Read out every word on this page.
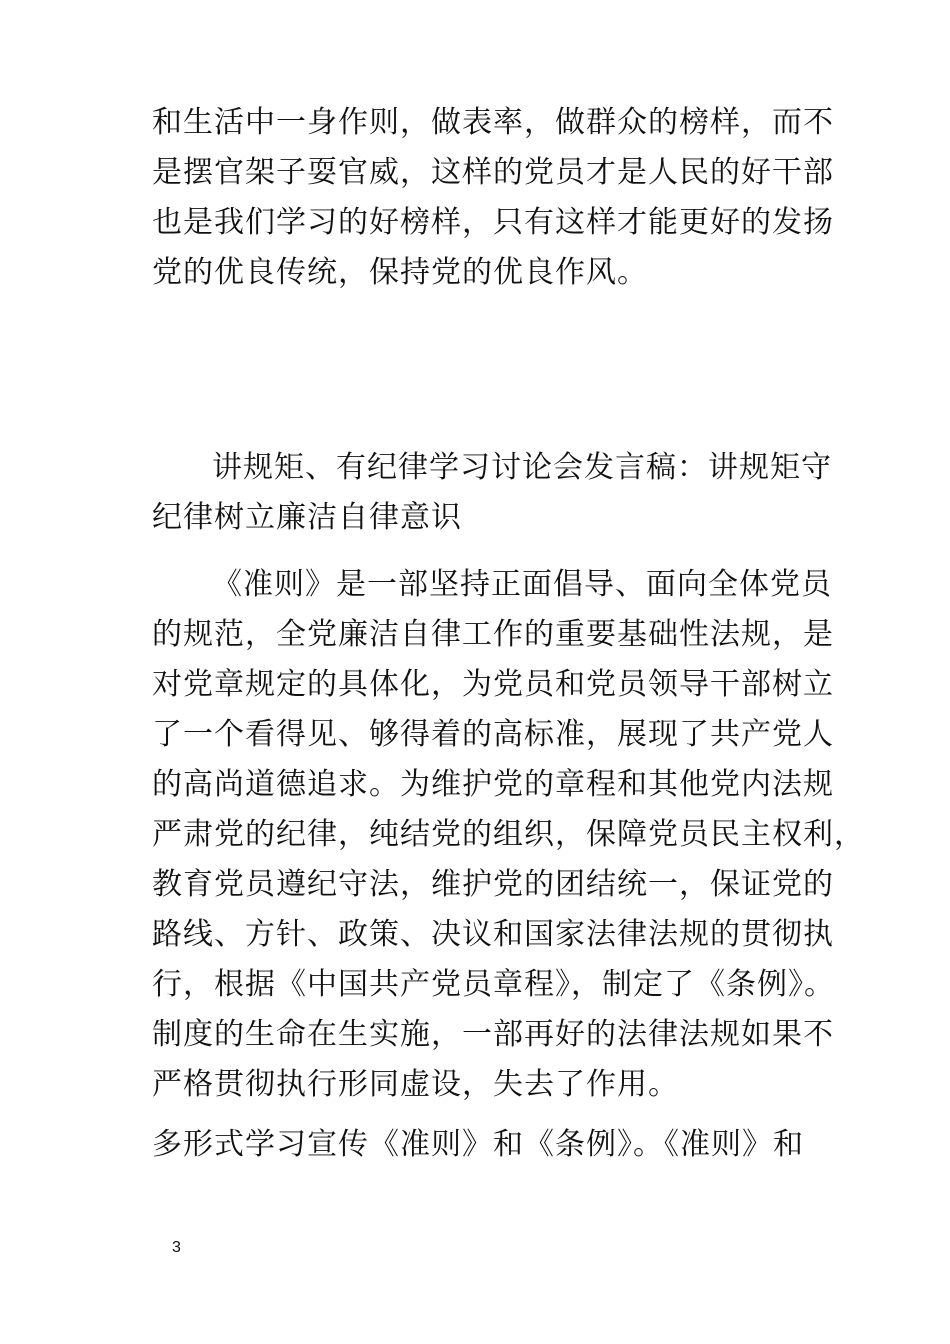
和生活中一身作则，做表率，做群众的榜样，而不
是摆官架子耍官威，这样的党员才是人民的好干部
也是我们学习的好榜样，只有这样才能更好的发扬
党的优良传统，保持党的优良作风。
讲规矩、有纪律学习讨论会发言稿：讲规矩守
纪律树立廉洁自律意识
《准则》是一部坚持正面倡导、面向全体党员
的规范，全党廉洁自律工作的重要基础性法规，是
对党章规定的具体化，为党员和党员领导干部树立
了一个看得见、够得着的高标准，展现了共产党人
的高尚道德追求。为维护党的章程和其他党内法规
严肃党的纪律，纯结党的组织，保障党员民主权利，
教育党员遵纪守法，维护党的团结统一，保证党的
路线、方针、政策、决议和国家法律法规的贯彻执
行，根据《中国共产党员章程》，制定了《条例》。
制度的生命在生实施，一部再好的法律法规如果不
严格贯彻执行形同虚设，失去了作用。
多形式学习宣传《准则》和《条例》。《准则》和
3
